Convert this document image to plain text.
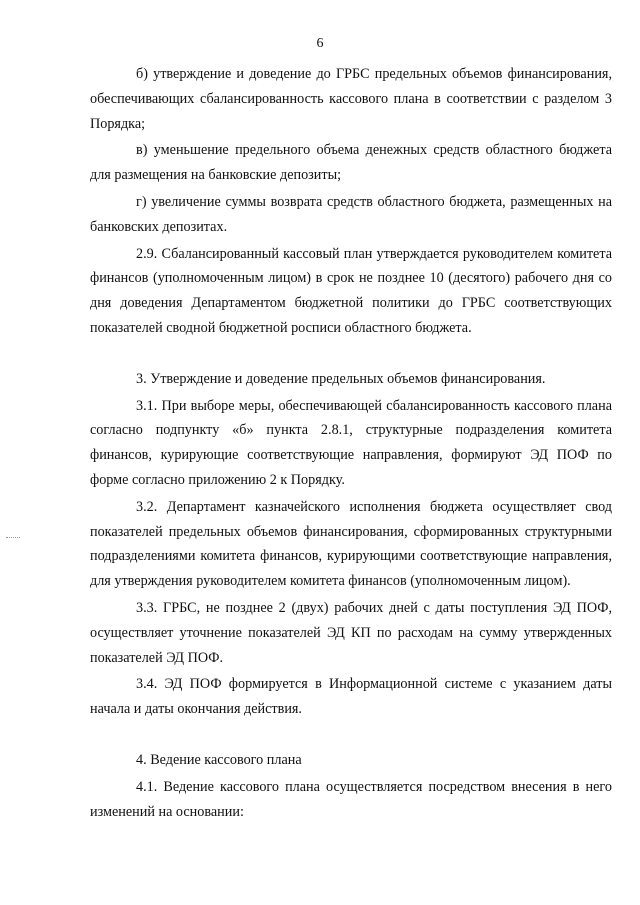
6

б) утверждение и доведение до ГРБС предельных объемов финансирования, обеспечивающих сбалансированность кассового плана в соответствии с разделом 3 Порядка;

в) уменьшение предельного объема денежных средств областного бюджета для размещения на банковские депозиты;

г) увеличение суммы возврата средств областного бюджета, размещенных на банковских депозитах.

2.9. Сбалансированный кассовый план утверждается руководителем комитета финансов (уполномоченным лицом) в срок не позднее 10 (десятого) рабочего дня со дня доведения Департаментом бюджетной политики до ГРБС соответствующих показателей сводной бюджетной росписи областного бюджета.

3. Утверждение и доведение предельных объемов финансирования.

3.1. При выборе меры, обеспечивающей сбалансированность кассового плана согласно подпункту «б» пункта 2.8.1, структурные подразделения комитета финансов, курирующие соответствующие направления, формируют ЭД ПОФ по форме согласно приложению 2 к Порядку.

3.2. Департамент казначейского исполнения бюджета осуществляет свод показателей предельных объемов финансирования, сформированных структурными подразделениями комитета финансов, курирующими соответствующие направления, для утверждения руководителем комитета финансов (уполномоченным лицом).

3.3. ГРБС, не позднее 2 (двух) рабочих дней с даты поступления ЭД ПОФ, осуществляет уточнение показателей ЭД КП по расходам на сумму утвержденных показателей ЭД ПОФ.

3.4. ЭД ПОФ формируется в Информационной системе с указанием даты начала и даты окончания действия.

4. Ведение кассового плана

4.1. Ведение кассового плана осуществляется посредством внесения в него изменений на основании:
